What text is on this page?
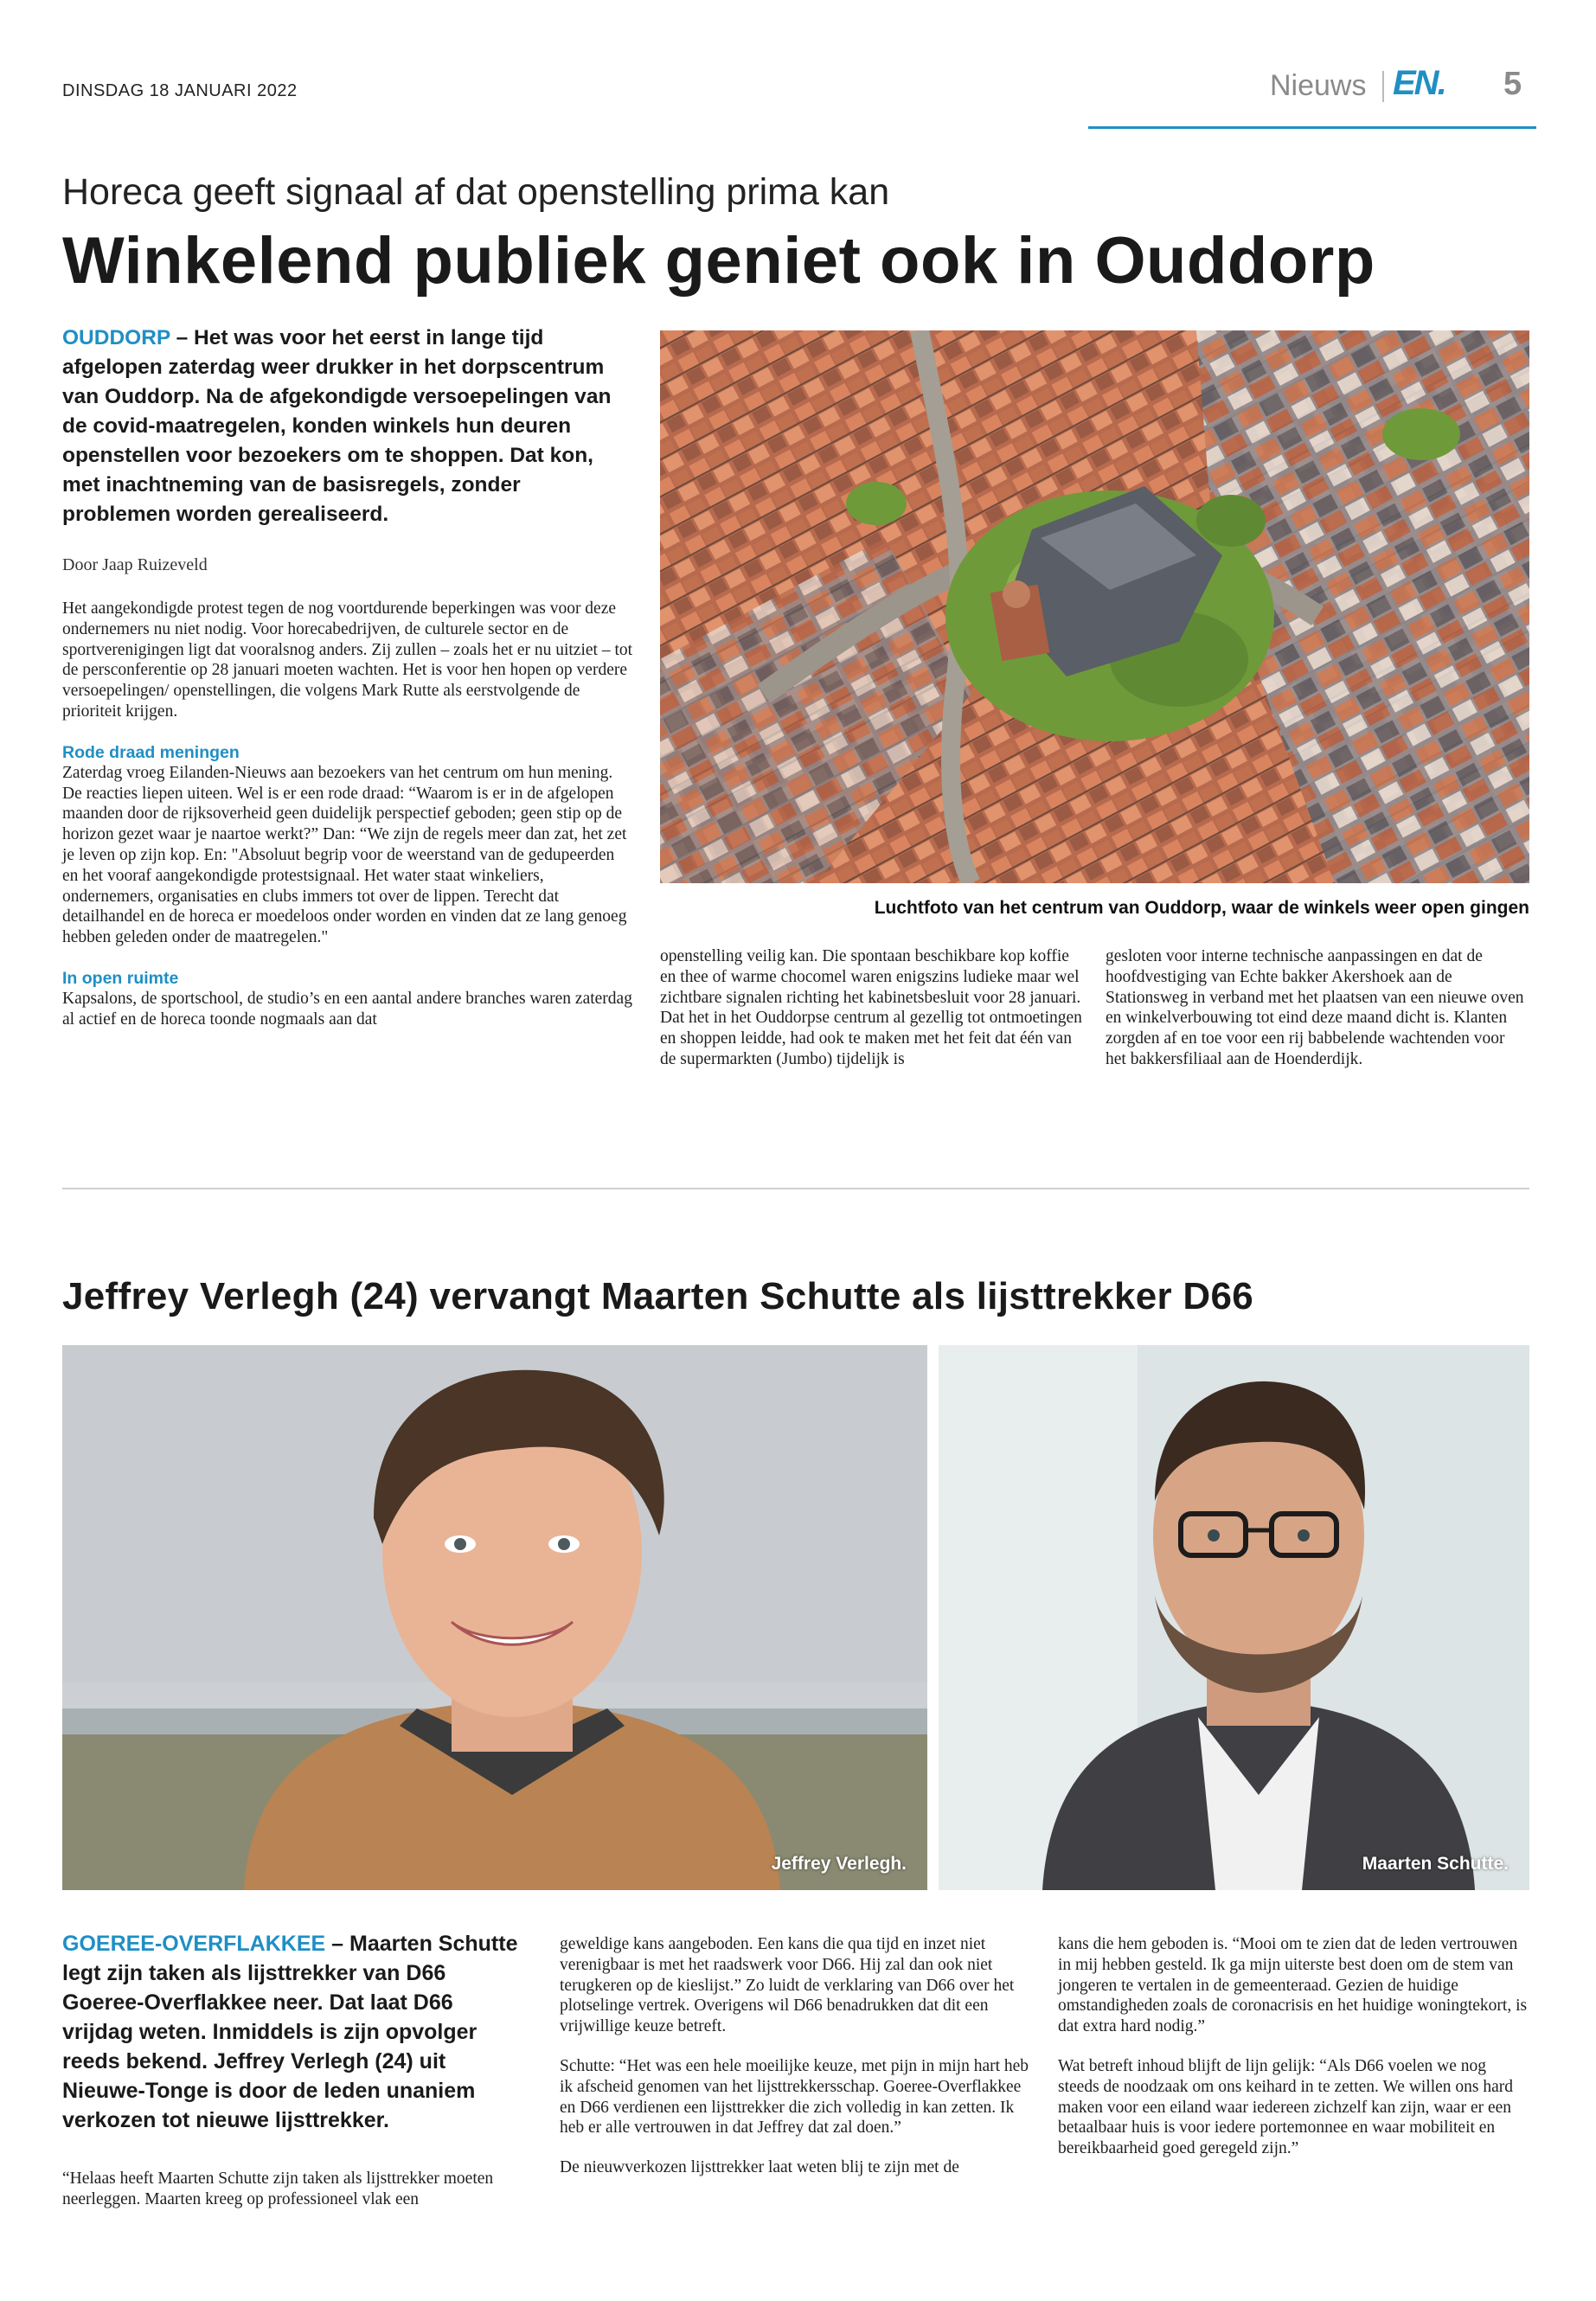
DINSDAG 18 JANUARI 2022	Nieuws EN. 5
Horeca geeft signaal af dat openstelling prima kan
Winkelend publiek geniet ook in Ouddorp
OUDDORP – Het was voor het eerst in lange tijd afgelopen zaterdag weer drukker in het dorpscentrum van Ouddorp. Na de afgekondigde versoepelingen van de covid-maatregelen, konden winkels hun deuren openstellen voor bezoekers om te shoppen. Dat kon, met inachtneming van de basisregels, zonder problemen worden gerealiseerd.
Door Jaap Ruizeveld

Het aangekondigde protest tegen de nog voortdurende beperkingen was voor deze ondernemers nu niet nodig. Voor horecabedrijven, de culturele sector en de sportverenigingen ligt dat vooralsnog anders. Zij zullen – zoals het er nu uitziet – tot de persconferentie op 28 januari moeten wachten. Het is voor hen hopen op verdere versoepelingen/ openstellingen, die volgens Mark Rutte als eerstvolgende de prioriteit krijgen.

Rode draad meningen

Zaterdag vroeg Eilanden-Nieuws aan bezoekers van het centrum om hun mening. De reacties liepen uiteen. Wel is er een rode draad: “Waarom is er in de afgelopen maanden door de rijksoverheid geen duidelijk perspectief geboden; geen stip op de horizon gezet waar je naartoe werkt?” Dan: “We zijn de regels meer dan zat, het zet je leven op zijn kop. En: "Absoluut begrip voor de weerstand van de gedupeerden en het vooraf aangekondigde protestsignaal. Het water staat winkeliers, ondernemers, organisaties en clubs immers tot over de lippen. Terecht dat detailhandel en de horeca er moedeloos onder worden en vinden dat ze lang genoeg hebben geleden onder de maatregelen."

In open ruimte

Kapsalons, de sportschool, de studio’s en een aantal andere branches waren zaterdag al actief en de horeca toonde nogmaals aan dat

Luchtfoto van het centrum van Ouddorp, waar de winkels weer open gingen

openstelling veilig kan. Die spontaan beschikbare kop koffie en thee of warme chocomel waren enigszins ludieke maar wel zichtbare signalen richting het kabinetsbesluit voor 28 januari. Dat het in het Ouddorpse centrum al gezellig tot ontmoetingen en shoppen leidde, had ook te maken met het feit dat één van de supermarkten (Jumbo) tijdelijk is

gesloten voor interne technische aanpassingen en dat de hoofdvestiging van Echte bakker Akershoek aan de Stationsweg in verband met het plaatsen van een nieuwe oven en winkelverbouwing tot eind deze maand dicht is. Klanten zorgden af en toe voor een rij babbelende wachtenden voor het bakkersfiliaal aan de Hoenderdijk.

Jeffrey Verlegh (24) vervangt Maarten Schutte als lijsttrekker D66
Jeffrey Verlegh.	Maarten Schutte.
GOEREE-OVERFLAKKEE – Maarten Schutte legt zijn taken als lijsttrekker van D66 Goeree-Overflakkee neer. Dat laat D66 vrijdag weten. Inmiddels is zijn opvolger reeds bekend. Jeffrey Verlegh (24) uit Nieuwe-Tonge is door de leden unaniem verkozen tot nieuwe lijsttrekker.

“Helaas heeft Maarten Schutte zijn taken als lijsttrekker moeten neerleggen. Maarten kreeg op professioneel vlak een

geweldige kans aangeboden. Een kans die qua tijd en inzet niet verenigbaar is met het raadswerk voor D66. Hij zal dan ook niet terugkeren op de kieslijst.” Zo luidt de verklaring van D66 over het plotselinge vertrek. Overigens wil D66 benadrukken dat dit een vrijwillige keuze betreft.

Schutte: “Het was een hele moeilijke keuze, met pijn in mijn hart heb ik afscheid genomen van het lijsttrekkersschap. Goeree-Overflakkee en D66 verdienen een lijsttrekker die zich volledig in kan zetten. Ik heb er alle vertrouwen in dat Jeffrey dat zal doen.”

De nieuwverkozen lijsttrekker laat weten blij te zijn met de

kans die hem geboden is. “Mooi om te zien dat de leden vertrouwen in mij hebben gesteld. Ik ga mijn uiterste best doen om de stem van jongeren te vertalen in de gemeenteraad. Gezien de huidige omstandigheden zoals de coronacrisis en het huidige woningtekort, is dat extra hard nodig.”

Wat betreft inhoud blijft de lijn gelijk: “Als D66 voelen we nog steeds de noodzaak om ons keihard in te zetten. We willen ons hard maken voor een eiland waar iedereen zichzelf kan zijn, waar er een betaalbaar huis is voor iedere portemonnee en waar mobiliteit en bereikbaarheid goed geregeld zijn.”
